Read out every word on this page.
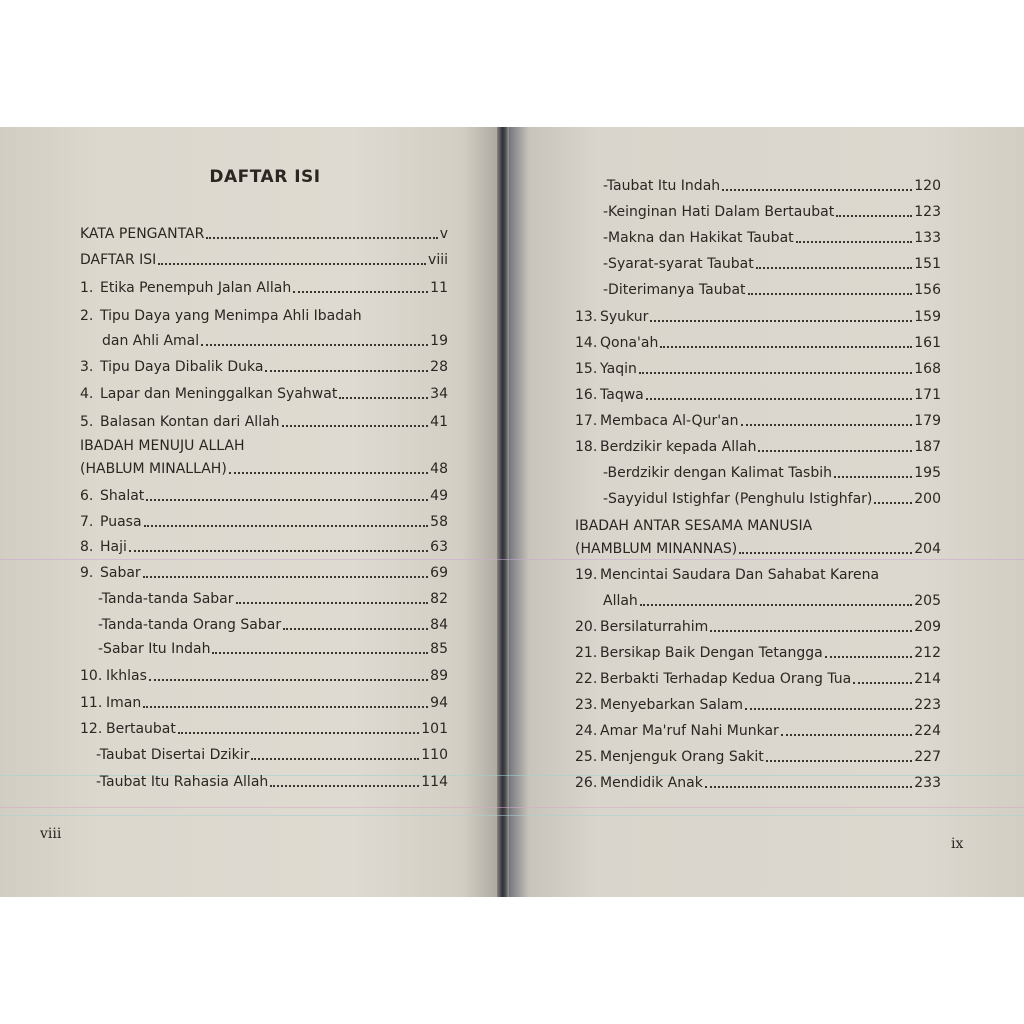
DAFTAR ISI
KATA PENGANTAR	v
DAFTAR ISI	viii
1. Etika Penempuh Jalan Allah	11
2. Tipu Daya yang Menimpa Ahli Ibadah
dan Ahli Amal	19
3. Tipu Daya Dibalik Duka	28
4. Lapar dan Meninggalkan Syahwat	34
5. Balasan Kontan dari Allah	41
IBADAH MENUJU ALLAH
(HABLUM MINALLAH)	48
6. Shalat	49
7. Puasa	58
8. Haji	63
9. Sabar	69
-Tanda-tanda Sabar	82
-Tanda-tanda Orang Sabar	84
-Sabar Itu Indah	85
10. Ikhlas	89
11. Iman	94
12. Bertaubat	101
-Taubat Disertai Dzikir	110
-Taubat Itu Rahasia Allah	114
-Taubat Itu Indah	120
-Keinginan Hati Dalam Bertaubat	123
-Makna dan Hakikat Taubat	133
-Syarat-syarat Taubat	151
-Diterimanya Taubat	156
13. Syukur	159
14. Qona'ah	161
15. Yaqin	168
16. Taqwa	171
17. Membaca Al-Qur'an	179
18. Berdzikir kepada Allah	187
-Berdzikir dengan Kalimat Tasbih	195
-Sayyidul Istighfar (Penghulu Istighfar)	200
IBADAH ANTAR SESAMA MANUSIA
(HAMBLUM MINANNAS)	204
19. Mencintai Saudara Dan Sahabat Karena
Allah	205
20. Bersilaturrahim	209
21. Bersikap Baik Dengan Tetangga	212
22. Berbakti Terhadap Kedua Orang Tua	214
23. Menyebarkan Salam	223
24. Amar Ma'ruf Nahi Munkar	224
25. Menjenguk Orang Sakit	227
26. Mendidik Anak	233
viii
ix
